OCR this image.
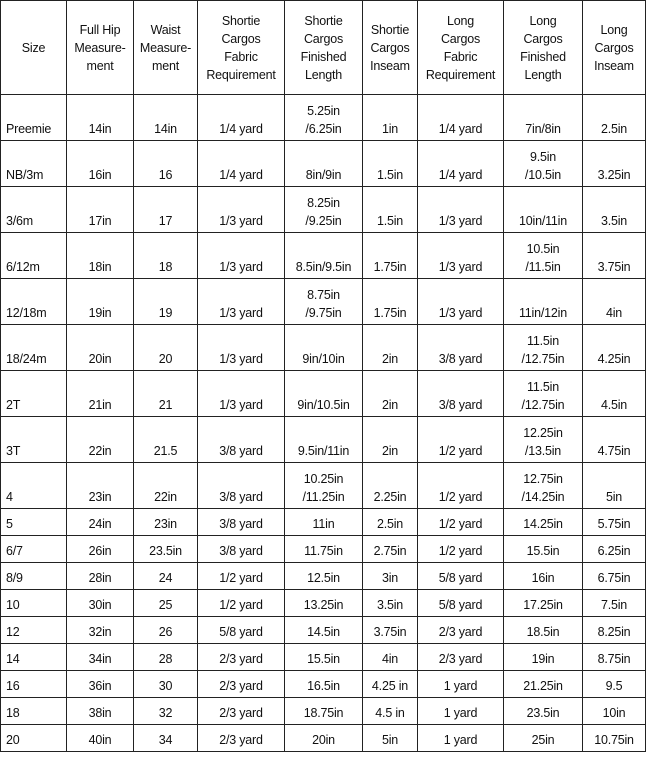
Size	Full Hip
Measure-
ment	Waist
Measure-
ment	Shortie
Cargos
Fabric
Requirement	Shortie
Cargos
Finished
Length	Shortie
Cargos
Inseam	Long
Cargos
Fabric
Requirement	Long
Cargos
Finished
Length	Long
Cargos
Inseam
Preemie	14in	14in	1/4 yard	5.25in
/6.25in	1in	1/4 yard	7in/8in	2.5in
NB/3m	16in	16	1/4 yard	8in/9in	1.5in	1/4 yard	9.5in
/10.5in	3.25in
3/6m	17in	17	1/3 yard	8.25in
/9.25in	1.5in	1/3 yard	10in/11in	3.5in
6/12m	18in	18	1/3 yard	8.5in/9.5in	1.75in	1/3 yard	10.5in
/11.5in	3.75in
12/18m	19in	19	1/3 yard	8.75in
/9.75in	1.75in	1/3 yard	11in/12in	4in
18/24m	20in	20	1/3 yard	9in/10in	2in	3/8 yard	11.5in
/12.75in	4.25in
2T	21in	21	1/3 yard	9in/10.5in	2in	3/8 yard	11.5in
/12.75in	4.5in
3T	22in	21.5	3/8 yard	9.5in/11in	2in	1/2 yard	12.25in
/13.5in	4.75in
4	23in	22in	3/8 yard	10.25in
/11.25in	2.25in	1/2 yard	12.75in
/14.25in	5in
5	24in	23in	3/8 yard	11in	2.5in	1/2 yard	14.25in	5.75in
6/7	26in	23.5in	3/8 yard	11.75in	2.75in	1/2 yard	15.5in	6.25in
8/9	28in	24	1/2 yard	12.5in	3in	5/8 yard	16in	6.75in
10	30in	25	1/2 yard	13.25in	3.5in	5/8 yard	17.25in	7.5in
12	32in	26	5/8 yard	14.5in	3.75in	2/3 yard	18.5in	8.25in
14	34in	28	2/3 yard	15.5in	4in	2/3 yard	19in	8.75in
16	36in	30	2/3 yard	16.5in	4.25 in	1 yard	21.25in	9.5
18	38in	32	2/3 yard	18.75in	4.5 in	1 yard	23.5in	10in
20	40in	34	2/3 yard	20in	5in	1 yard	25in	10.75in
